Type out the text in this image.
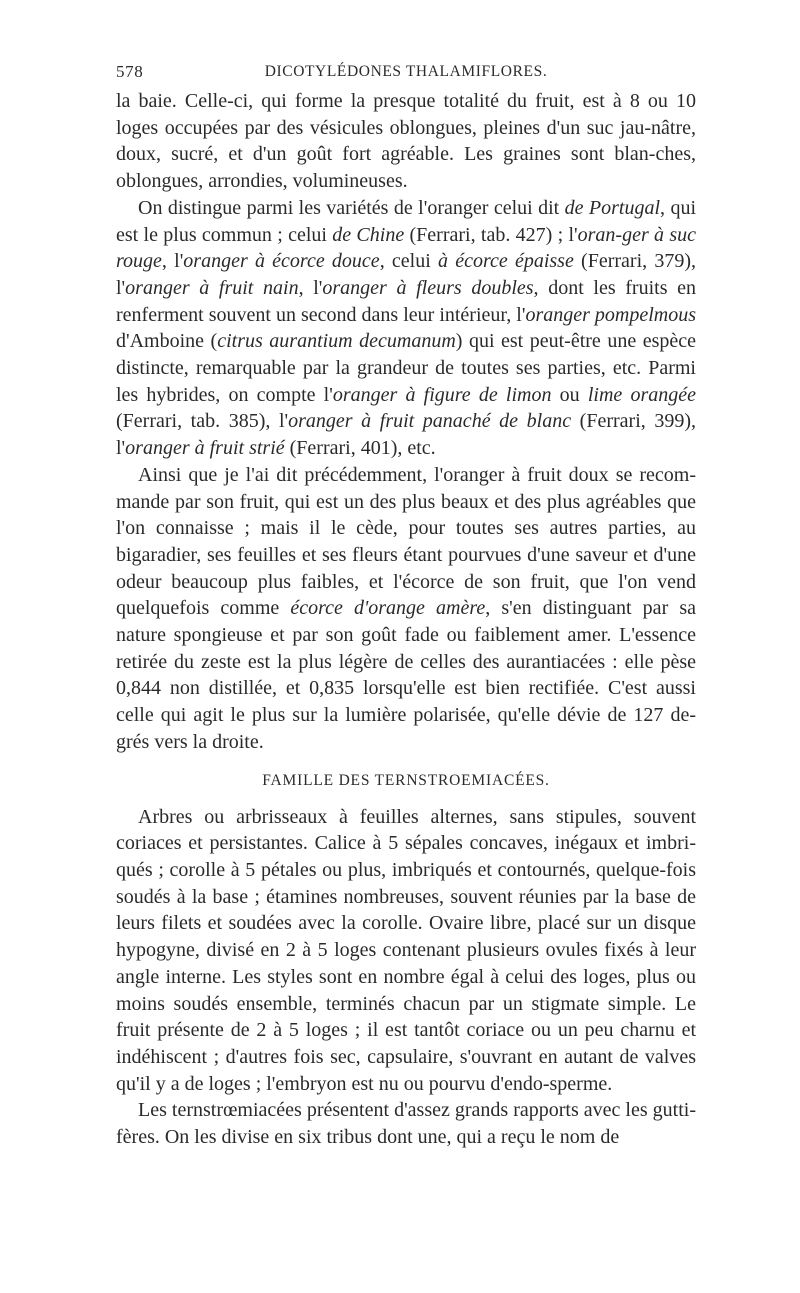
578	DICOTYLÉDONES THALAMIFLORES.

la baie. Celle-ci, qui forme la presque totalité du fruit, est à 8 ou 10 loges occupées par des vésicules oblongues, pleines d'un suc jau-nâtre, doux, sucré, et d'un goût fort agréable. Les graines sont blan-ches, oblongues, arrondies, volumineuses.

On distingue parmi les variétés de l'oranger celui dit de Portugal, qui est le plus commun ; celui de Chine (Ferrari, tab. 427) ; l'oran-ger à suc rouge, l'oranger à écorce douce, celui à écorce épaisse (Ferrari, 379), l'oranger à fruit nain, l'oranger à fleurs doubles, dont les fruits en renferment souvent un second dans leur intérieur, l'oranger pompelmous d'Amboine (citrus aurantium decumanum) qui est peut-être une espèce distincte, remarquable par la grandeur de toutes ses parties, etc. Parmi les hybrides, on compte l'oranger à figure de limon ou lime orangée (Ferrari, tab. 385), l'oranger à fruit panaché de blanc (Ferrari, 399), l'oranger à fruit strié (Ferrari, 401), etc.

Ainsi que je l'ai dit précédemment, l'oranger à fruit doux se recom-mande par son fruit, qui est un des plus beaux et des plus agréables que l'on connaisse ; mais il le cède, pour toutes ses autres parties, au bigaradier, ses feuilles et ses fleurs étant pourvues d'une saveur et d'une odeur beaucoup plus faibles, et l'écorce de son fruit, que l'on vend quelquefois comme écorce d'orange amère, s'en distinguant par sa nature spongieuse et par son goût fade ou faiblement amer. L'essence retirée du zeste est la plus légère de celles des aurantiacées : elle pèse 0,844 non distillée, et 0,835 lorsqu'elle est bien rectifiée. C'est aussi celle qui agit le plus sur la lumière polarisée, qu'elle dévie de 127 de-grés vers la droite.

FAMILLE DES TERNSTROEMIACÉES.

Arbres ou arbrisseaux à feuilles alternes, sans stipules, souvent coriaces et persistantes. Calice à 5 sépales concaves, inégaux et imbri-qués ; corolle à 5 pétales ou plus, imbriqués et contournés, quelque-fois soudés à la base ; étamines nombreuses, souvent réunies par la base de leurs filets et soudées avec la corolle. Ovaire libre, placé sur un disque hypogyne, divisé en 2 à 5 loges contenant plusieurs ovules fixés à leur angle interne. Les styles sont en nombre égal à celui des loges, plus ou moins soudés ensemble, terminés chacun par un stigmate simple. Le fruit présente de 2 à 5 loges ; il est tantôt coriace ou un peu charnu et indéhiscent ; d'autres fois sec, capsulaire, s'ouvrant en autant de valves qu'il y a de loges ; l'embryon est nu ou pourvu d'endo-sperme.

Les ternstrœmiacées présentent d'assez grands rapports avec les gutti-fères. On les divise en six tribus dont une, qui a reçu le nom de
